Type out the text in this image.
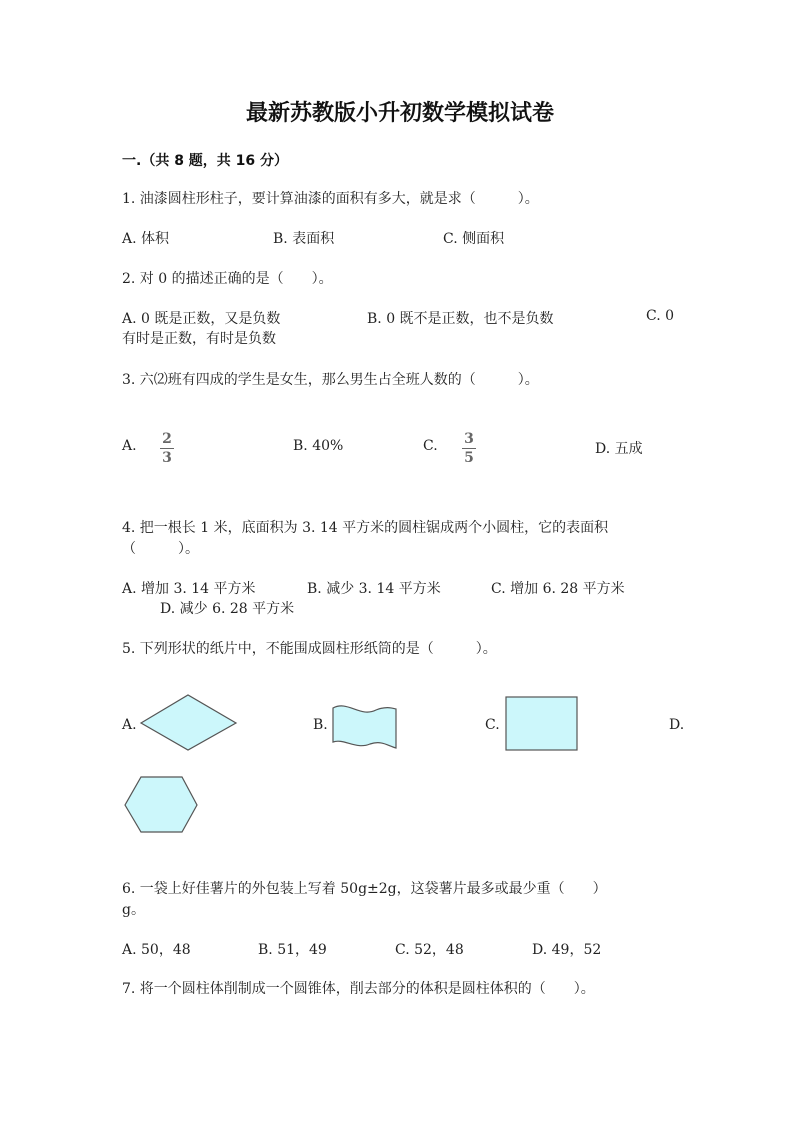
最新苏教版小升初数学模拟试卷
一.（共 8 题，共 16 分）
1. 油漆圆柱形柱子，要计算油漆的面积有多大，就是求（　　　）。
A. 体积	B. 表面积	C. 侧面积
2. 对 0 的描述正确的是（　　）。
A. 0 既是正数，又是负数	B. 0 既不是正数，也不是负数	C. 0
有时是正数，有时是负数
3. 六⑵班有四成的学生是女生，那么男生占全班人数的（　　　）。
A. 2
3
B. 40%	C. 3
5
D. 五成
4. 把一根长 1 米，底面积为 3. 14 平方米的圆柱锯成两个小圆柱，它的表面积
（　　　）。
A. 增加 3. 14 平方米	B. 减少 3. 14 平方米	C. 增加 6. 28 平方米
D. 减少 6. 28 平方米
5. 下列形状的纸片中，不能围成圆柱形纸筒的是（　　　）。
A.	B.	C.	D.
6. 一袋上好佳薯片的外包装上写着 50g±2g，这袋薯片最多或最少重（　　）
g。
A. 50，48	B. 51，49	C. 52，48	D. 49，52
7. 将一个圆柱体削制成一个圆锥体，削去部分的体积是圆柱体积的（　　）。
